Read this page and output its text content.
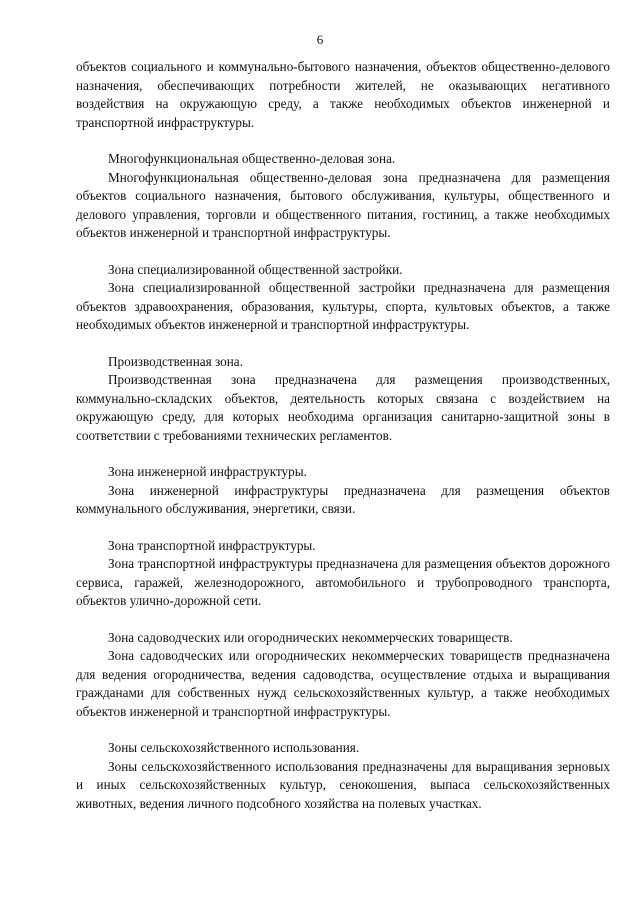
6

объектов социального и коммунально-бытового назначения, объектов общественно-делового назначения, обеспечивающих потребности жителей, не оказывающих негативного воздействия на окружающую среду, а также необходимых объектов инженерной и транспортной инфраструктуры.

Многофункциональная общественно-деловая зона.

Многофункциональная общественно-деловая зона предназначена для размещения объектов социального назначения, бытового обслуживания, культуры, общественного и делового управления, торговли и общественного питания, гостиниц, а также необходимых объектов инженерной и транспортной инфраструктуры.

Зона специализированной общественной застройки.

Зона специализированной общественной застройки предназначена для размещения объектов здравоохранения, образования, культуры, спорта, культовых объектов, а также необходимых объектов инженерной и транспортной инфраструктуры.

Производственная зона.

Производственная зона предназначена для размещения производственных, коммунально-складских объектов, деятельность которых связана с воздействием на окружающую среду, для которых необходима организация санитарно-защитной зоны в соответствии с требованиями технических регламентов.

Зона инженерной инфраструктуры.

Зона инженерной инфраструктуры предназначена для размещения объектов коммунального обслуживания, энергетики, связи.

Зона транспортной инфраструктуры.

Зона транспортной инфраструктуры предназначена для размещения объектов дорожного сервиса, гаражей, железнодорожного, автомобильного и трубопроводного транспорта, объектов улично-дорожной сети.

Зона садоводческих или огороднических некоммерческих товариществ.

Зона садоводческих или огороднических некоммерческих товариществ предназначена для ведения огородничества, ведения садоводства, осуществление отдыха и выращивания гражданами для собственных нужд сельскохозяйственных культур, а также необходимых объектов инженерной и транспортной инфраструктуры.

Зоны сельскохозяйственного использования.

Зоны сельскохозяйственного использования предназначены для выращивания зерновых и иных сельскохозяйственных культур, сенокошения, выпаса сельскохозяйственных животных, ведения личного подсобного хозяйства на полевых участках.
